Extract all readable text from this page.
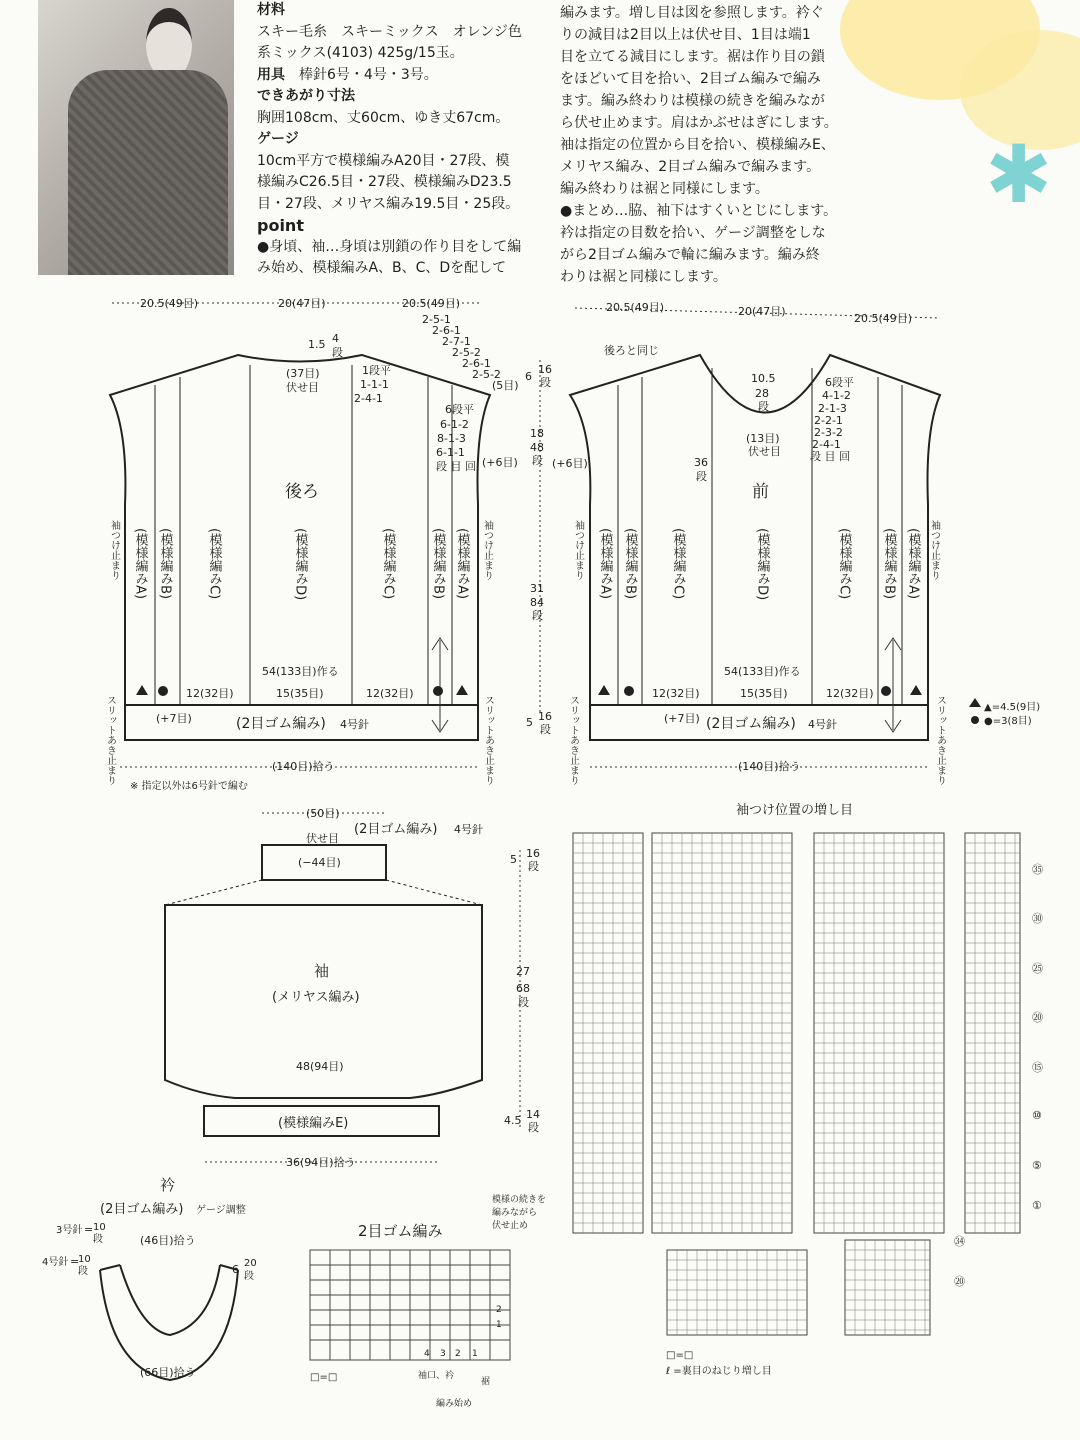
✱
材料
スキー毛糸　スキーミックス　オレンジ色
系ミックス(4103) 425g/15玉。
用具　 棒針6号・4号・3号。
できあがり寸法
胸囲108cm、丈60cm、ゆき丈67cm。
ゲージ
10cm平方で模様編みA20目・27段、模
様編みC26.5目・27段、模様編みD23.5
目・27段、メリヤス編み19.5目・25段。
point
●身頃、袖…身頃は別鎖の作り目をして編
み始め、模様編みA、B、C、Dを配して
編みます。増し目は図を参照します。衿ぐ
りの減目は2目以上は伏せ目、1目は端1
目を立てる減目にします。裾は作り目の鎖
をほどいて目を拾い、2目ゴム編みで編み
ます。編み終わりは模様の続きを編みなが
ら伏せ止めます。肩はかぶせはぎにします。
袖は指定の位置から目を拾い、模様編みE、
メリヤス編み、2目ゴム編みで編みます。
編み終わりは裾と同様にします。
●まとめ…脇、袖下はすくいとじにします。
衿は指定の目数を拾い、ゲージ調整をしな
がら2目ゴム編みで輪に編みます。編み終
わりは裾と同様にします。
20.5(49目)	20(47目)	20.5(49目)
1.5 4
段
(37目)
伏せ目
1段平
1-1-1
2-4-1
2-5-1
2-6-1
2-7-1
2-5-2
2-6-1
2-5-2
(5目)
6段平
6-1-2
8-1-3
6-1-1
段 目 回 (+6目)
54(133目)作る
12(32目)	15(35目)	12(32目)
(+7目)	(2目ゴム編み) 4号針
(140目)拾う
※ 指定以外は6号針で編む
後ろ
20.5(49目)	20(47目)
20.5(49目)
後ろと同じ
10.5
28
段
(13目)
伏せ目
6段平
4-1-2
2-1-3
2-2-1
2-3-2
2-4-1
段 目 回
36
段
(+6目)
54(133目)作る
12(32目)	15(35目)	12(32目)
(+7目) (2目ゴム編み) 4号針
(140目)拾う
前
▲=4.5(9目)
●=3(8目)
6
16
段
18
48
段
31
84
段
5 16
段
(50目)
伏せ目
(2目ゴム編み) 4号針
(−44目)
袖
(メリヤス編み)
48(94目)
(模様編みE)
36(94目)拾う
5 16
段
27
68
段
4.5 14
段
衿
(2目ゴム編み) ゲージ調整
3号針 = 10
段
4号針 =
10
段
(46目)拾う
(66目)拾う
6 20
段
2目ゴム編み
模様の続きを
編みながら
伏せ止め
□=□	袖口、衿
裾
編み始め
4 3 2 1
2
1
袖つけ位置の増し目
□=□
ℓ =裏目のねじり増し目
㉟
㉚
㉕
⑳
⑮
⑩
⑤
①
㉞
⑳
(模様編みA)	(模様編みA)
(模様編みB)	(模様編みB)
(模様編みC)	(模様編みC)
(模様編みD)	(模様編みD)
(模様編みC)	(模様編みC)
(模様編みB)	(模様編みB)
(模様編みA)	(模様編みA)
袖つけ止まり	袖つけ止まり	袖つけ止まり	袖つけ止まり
スリットあき止まり	スリットあき止まり	スリットあき止まり	スリットあき止まり
